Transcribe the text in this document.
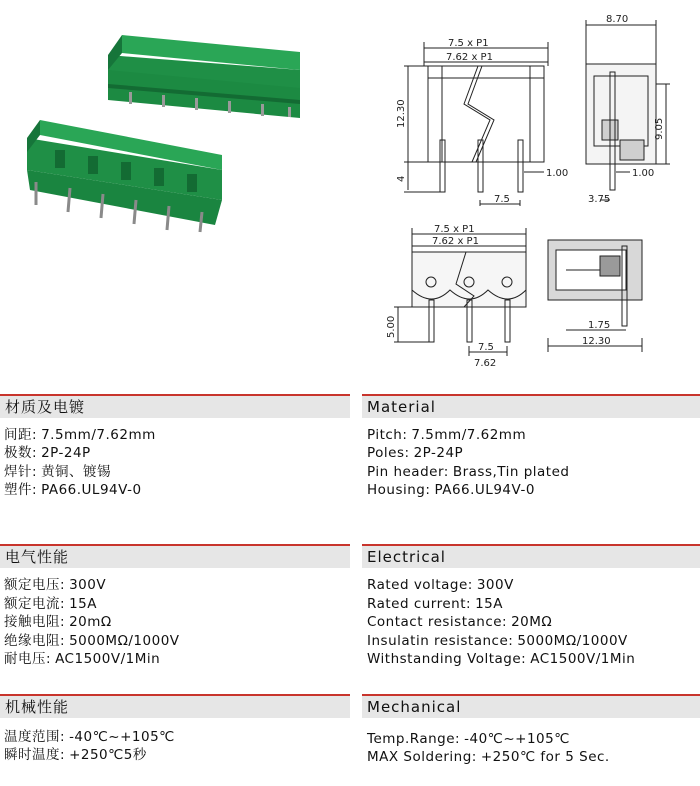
7.5 x P1
7.62 x P1
12.30
4	1.00
7.5
8.70
9.05
1.00
3.75
7.5 x P1
7.62 x P1
5.00
7.5
7.62
1.75
12.30
材质及电镀	Material
间距: 7.5mm/7.62mm
极数: 2P-24P
焊针: 黄铜、镀锡
塑件: PA66.UL94V-0
Pitch: 7.5mm/7.62mm
Poles: 2P-24P
Pin header: Brass,Tin plated
Housing: PA66.UL94V-0
电气性能	Electrical
额定电压: 300V
额定电流: 15A
接触电阻: 20mΩ
绝缘电阻: 5000MΩ/1000V
耐电压: AC1500V/1Min
Rated voltage: 300V
Rated current: 15A
Contact resistance: 20MΩ
Insulatin resistance: 5000MΩ/1000V
Withstanding Voltage: AC1500V/1Min
机械性能	Mechanical
温度范围: -40℃~+105℃
瞬时温度: +250℃5秒
Temp.Range: -40℃~+105℃
MAX Soldering: +250℃ for 5 Sec.
